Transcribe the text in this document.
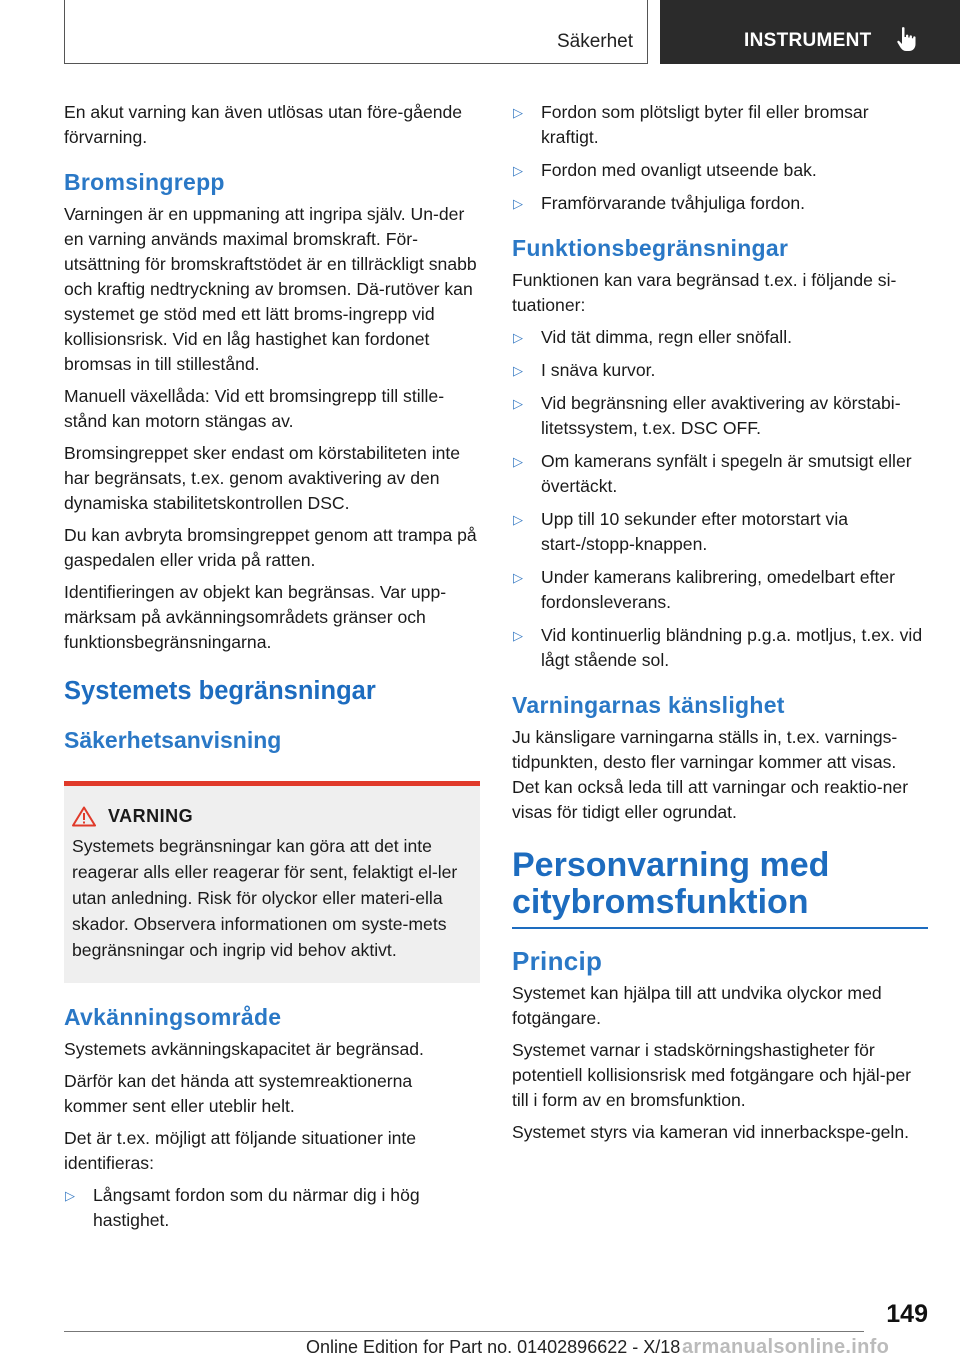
Säkerhet	INSTRUMENT

En akut varning kan även utlösas utan före-gående förvarning.

Bromsingrepp

Varningen är en uppmaning att ingripa själv. Un-der en varning används maximal bromskraft. För-utsättning för bromskraftstödet är en tillräckligt snabb och kraftig nedtryckning av bromsen. Dä-rutöver kan systemet ge stöd med ett lätt broms-ingrepp vid kollisionsrisk. Vid en låg hastighet kan fordonet bromsas in till stillestånd.

Manuell växellåda: Vid ett bromsingrepp till stille-stånd kan motorn stängas av.

Bromsingreppet sker endast om körstabiliteten inte har begränsats, t.ex. genom avaktivering av den dynamiska stabilitetskontrollen DSC.

Du kan avbryta bromsingreppet genom att trampa på gaspedalen eller vrida på ratten.

Identifieringen av objekt kan begränsas. Var upp-märksam på avkänningsområdets gränser och funktionsbegränsningarna.

Systemets begränsningar
Säkerhetsanvisning
VARNING

Systemets begränsningar kan göra att det inte reagerar alls eller reagerar för sent, felaktigt el-ler utan anledning. Risk för olyckor eller materi-ella skador. Observera informationen om syste-mets begränsningar och ingrip vid behov aktivt.

Avkänningsområde

Systemets avkänningskapacitet är begränsad.

Därför kan det hända att systemreaktionerna kommer sent eller uteblir helt.

Det är t.ex. möjligt att följande situationer inte identifieras:

▷ Långsamt fordon som du närmar dig i hög hastighet.
▷ Fordon som plötsligt byter fil eller bromsar kraftigt.
▷ Fordon med ovanligt utseende bak.
▷ Framförvarande tvåhjuliga fordon.
Funktionsbegränsningar

Funktionen kan vara begränsad t.ex. i följande si-tuationer:

▷ Vid tät dimma, regn eller snöfall.
▷ I snäva kurvor.
▷ Vid begränsning eller avaktivering av körstabi-litetssystem, t.ex. DSC OFF.
▷ Om kamerans synfält i spegeln är smutsigt eller övertäckt.
▷ Upp till 10 sekunder efter motorstart via start-/stopp-knappen.
▷ Under kamerans kalibrering, omedelbart efter fordonsleverans.
▷ Vid kontinuerlig bländning p.g.a. motljus, t.ex. vid lågt stående sol.
Varningarnas känslighet

Ju känsligare varningarna ställs in, t.ex. varnings-tidpunkten, desto fler varningar kommer att visas. Det kan också leda till att varningar och reaktio-ner visas för tidigt eller ogrundat.

Personvarning med
citybromsfunktion
Princip

Systemet kan hjälpa till att undvika olyckor med fotgängare.

Systemet varnar i stadskörningshastigheter för potentiell kollisionsrisk med fotgängare och hjäl-per till i form av en bromsfunktion.

Systemet styrs via kameran vid innerbackspe-geln.

149
Online Edition for Part no. 01402896622 - X/18 armanualsonline.info
